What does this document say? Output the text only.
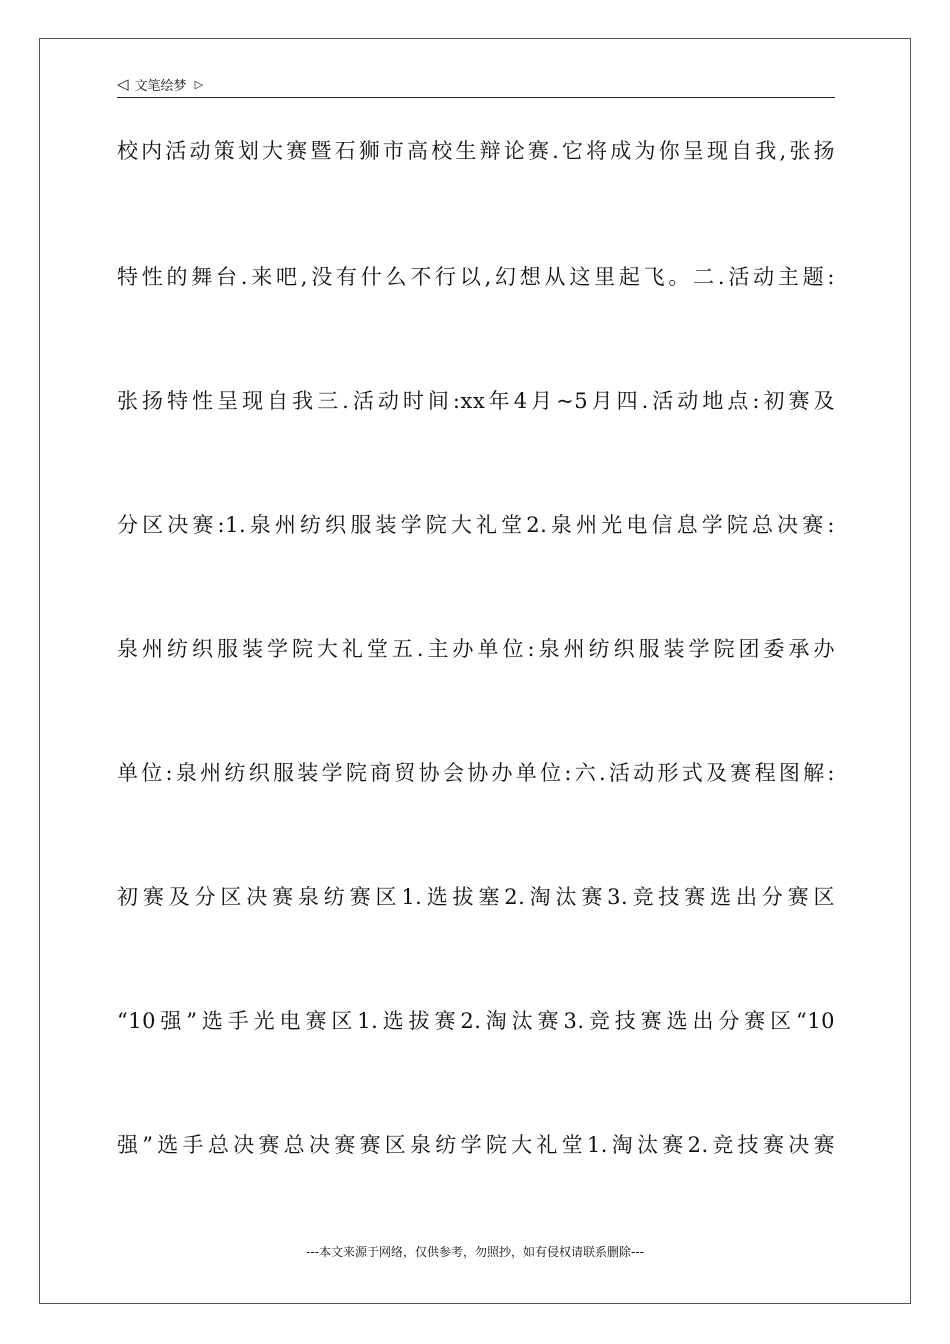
◁ 文笔绘梦 ▷
校内活动策划大赛暨石狮市高校生辩论赛.它将成为你呈现自我,张扬
特性的舞台.来吧,没有什么不行以,幻想从这里起飞。二.活动主题:
张扬特性呈现自我三.活动时间:xx年4月~5月四.活动地点:初赛及
分区决赛:1.泉州纺织服装学院大礼堂2.泉州光电信息学院总决赛:
泉州纺织服装学院大礼堂五.主办单位:泉州纺织服装学院团委承办
单位:泉州纺织服装学院商贸协会协办单位:六.活动形式及赛程图解:
初赛及分区决赛泉纺赛区1.选拔塞2.淘汰赛3.竞技赛选出分赛区
“10强”选手光电赛区1.选拔赛2.淘汰赛3.竞技赛选出分赛区“10
强”选手总决赛总决赛赛区泉纺学院大礼堂1.淘汰赛2.竞技赛决赛
---本文来源于网络，仅供参考，勿照抄，如有侵权请联系删除---
